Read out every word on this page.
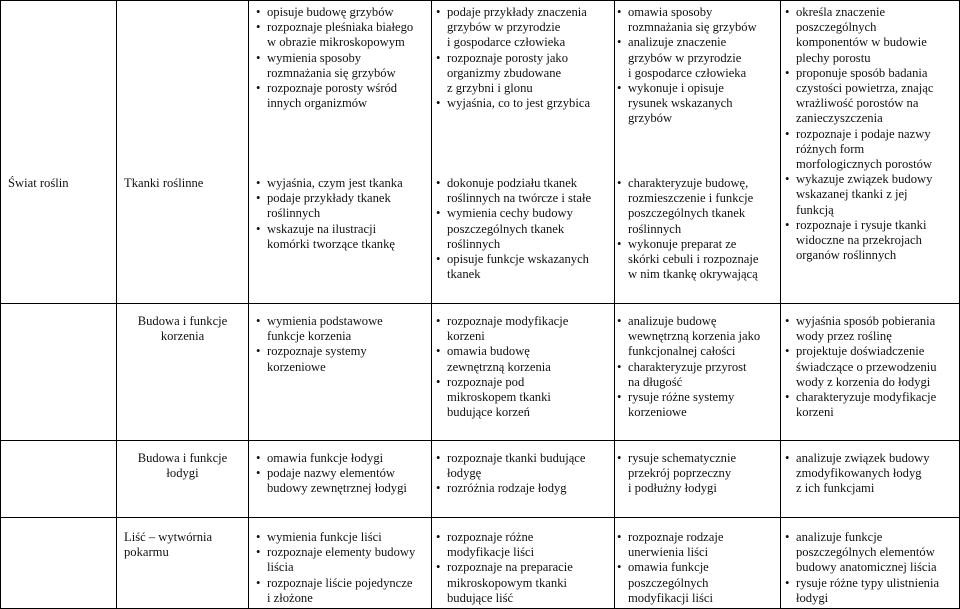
Świat roślin	Tkanki roślinne
• opisuje budowę grzybów
• rozpoznaje pleśniaka białego
w obrazie mikroskopowym
• wymienia sposoby
rozmnażania się grzybów
• rozpoznaje porosty wśród
innych organizmów
• wyjaśnia, czym jest tkanka
• podaje przykłady tkanek
roślinnych
• wskazuje na ilustracji
komórki tworzące tkankę
• podaje przykłady znaczenia
grzybów w przyrodzie
i gospodarce człowieka
• rozpoznaje porosty jako
organizmy zbudowane
z grzybni i glonu
• wyjaśnia, co to jest grzybica
• dokonuje podziału tkanek
roślinnych na twórcze i stałe
• wymienia cechy budowy
poszczególnych tkanek
roślinnych
• opisuje funkcje wskazanych
tkanek
• omawia sposoby
rozmnażania się grzybów
• analizuje znaczenie
grzybów w przyrodzie
i gospodarce człowieka
• wykonuje i opisuje
rysunek wskazanych
grzybów
• charakteryzuje budowę,
rozmieszczenie i funkcje
poszczególnych tkanek
roślinnych
• wykonuje preparat ze
skórki cebuli i rozpoznaje
w nim tkankę okrywającą
• określa znaczenie
poszczególnych
komponentów w budowie
plechy porostu
• proponuje sposób badania
czystości powietrza, znając
wrażliwość porostów na
zanieczyszczenia
• rozpoznaje i podaje nazwy
różnych form
morfologicznych porostów
• wykazuje związek budowy
wskazanej tkanki z jej
funkcją
• rozpoznaje i rysuje tkanki
widoczne na przekrojach
organów roślinnych
Budowa i funkcje
korzenia
• wymienia podstawowe
funkcje korzenia
• rozpoznaje systemy
korzeniowe
• rozpoznaje modyfikacje
korzeni
• omawia budowę
zewnętrzną korzenia
• rozpoznaje pod
mikroskopem tkanki
budujące korzeń
• analizuje budowę
wewnętrzną korzenia jako
funkcjonalnej całości
• charakteryzuje przyrost
na długość
• rysuje różne systemy
korzeniowe
• wyjaśnia sposób pobierania
wody przez roślinę
• projektuje doświadczenie
świadczące o przewodzeniu
wody z korzenia do łodygi
• charakteryzuje modyfikacje
korzeni
Budowa i funkcje
łodygi
• omawia funkcje łodygi
• podaje nazwy elementów
budowy zewnętrznej łodygi
• rozpoznaje tkanki budujące
łodygę
• rozróżnia rodzaje łodyg
• rysuje schematycznie
przekrój poprzeczny
i podłużny łodygi
• analizuje związek budowy
zmodyfikowanych łodyg
z ich funkcjami
Liść – wytwórnia
pokarmu
• wymienia funkcje liści
• rozpoznaje elementy budowy
liścia
• rozpoznaje liście pojedyncze
i złożone
• rozpoznaje różne
modyfikacje liści
• rozpoznaje na preparacie
mikroskopowym tkanki
budujące liść
• rozpoznaje rodzaje
unerwienia liści
• omawia funkcje
poszczególnych
modyfikacji liści
• analizuje funkcje
poszczególnych elementów
budowy anatomicznej liścia
• rysuje różne typy ulistnienia
łodygi
